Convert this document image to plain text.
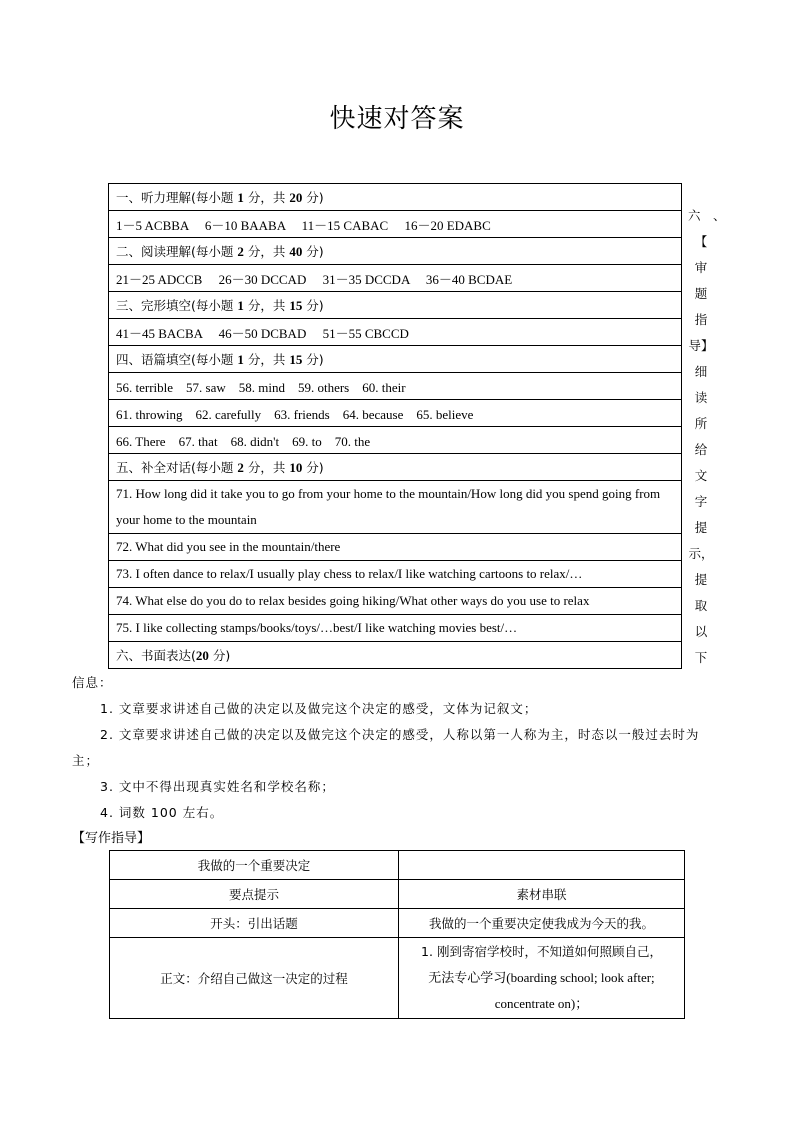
快速对答案
一、听力理解(每小题 1 分，共 20 分)
1－5 ACBBA　 6－10 BAABA　 11－15 CABAC　 16－20 EDABC
二、阅读理解(每小题 2 分，共 40 分)
21－25 ADCCB　 26－30 DCCAD　 31－35 DCCDA　 36－40 BCDAE
三、完形填空(每小题 1 分，共 15 分)
41－45 BACBA　 46－50 DCBAD　 51－55 CBCCD
四、语篇填空(每小题 1 分，共 15 分)
56. terrible　57. saw　58. mind　59. others　60. their
61. throwing　62. carefully　63. friends　64. because　65. believe
66. There　67. that　68. didn't　69. to　70. the
五、补全对话(每小题 2 分，共 10 分)
71. How long did it take you to go from your home to the mountain/How long did you spend going from your home to the mountain
72. What did you see in the mountain/there
73. I often dance to relax/I usually play chess to relax/I like watching cartoons to relax/…
74. What else do you do to relax besides going hiking/What other ways do you use to relax
75. I like collecting stamps/books/toys/…best/I like watching movies best/…
六、书面表达(20 分)
六　、
【
审
题
指
导】
细
读
所
给
文
字
提
示，
提
取
以
下
信息：
1. 文章要求讲述自己做的决定以及做完这个决定的感受，文体为记叙文；
2. 文章要求讲述自己做的决定以及做完这个决定的感受，人称以第一人称为主，时态以一般过去时为
主；
3. 文中不得出现真实姓名和学校名称；
4. 词数 100 左右。
【写作指导】
我做的一个重要决定	
要点提示	素材串联
开头：引出话题	我做的一个重要决定使我成为今天的我。
正文：介绍自己做这一决定的过程	1. 刚到寄宿学校时，不知道如何照顾自己，
无法专心学习(boarding school; look after;
concentrate on)；
